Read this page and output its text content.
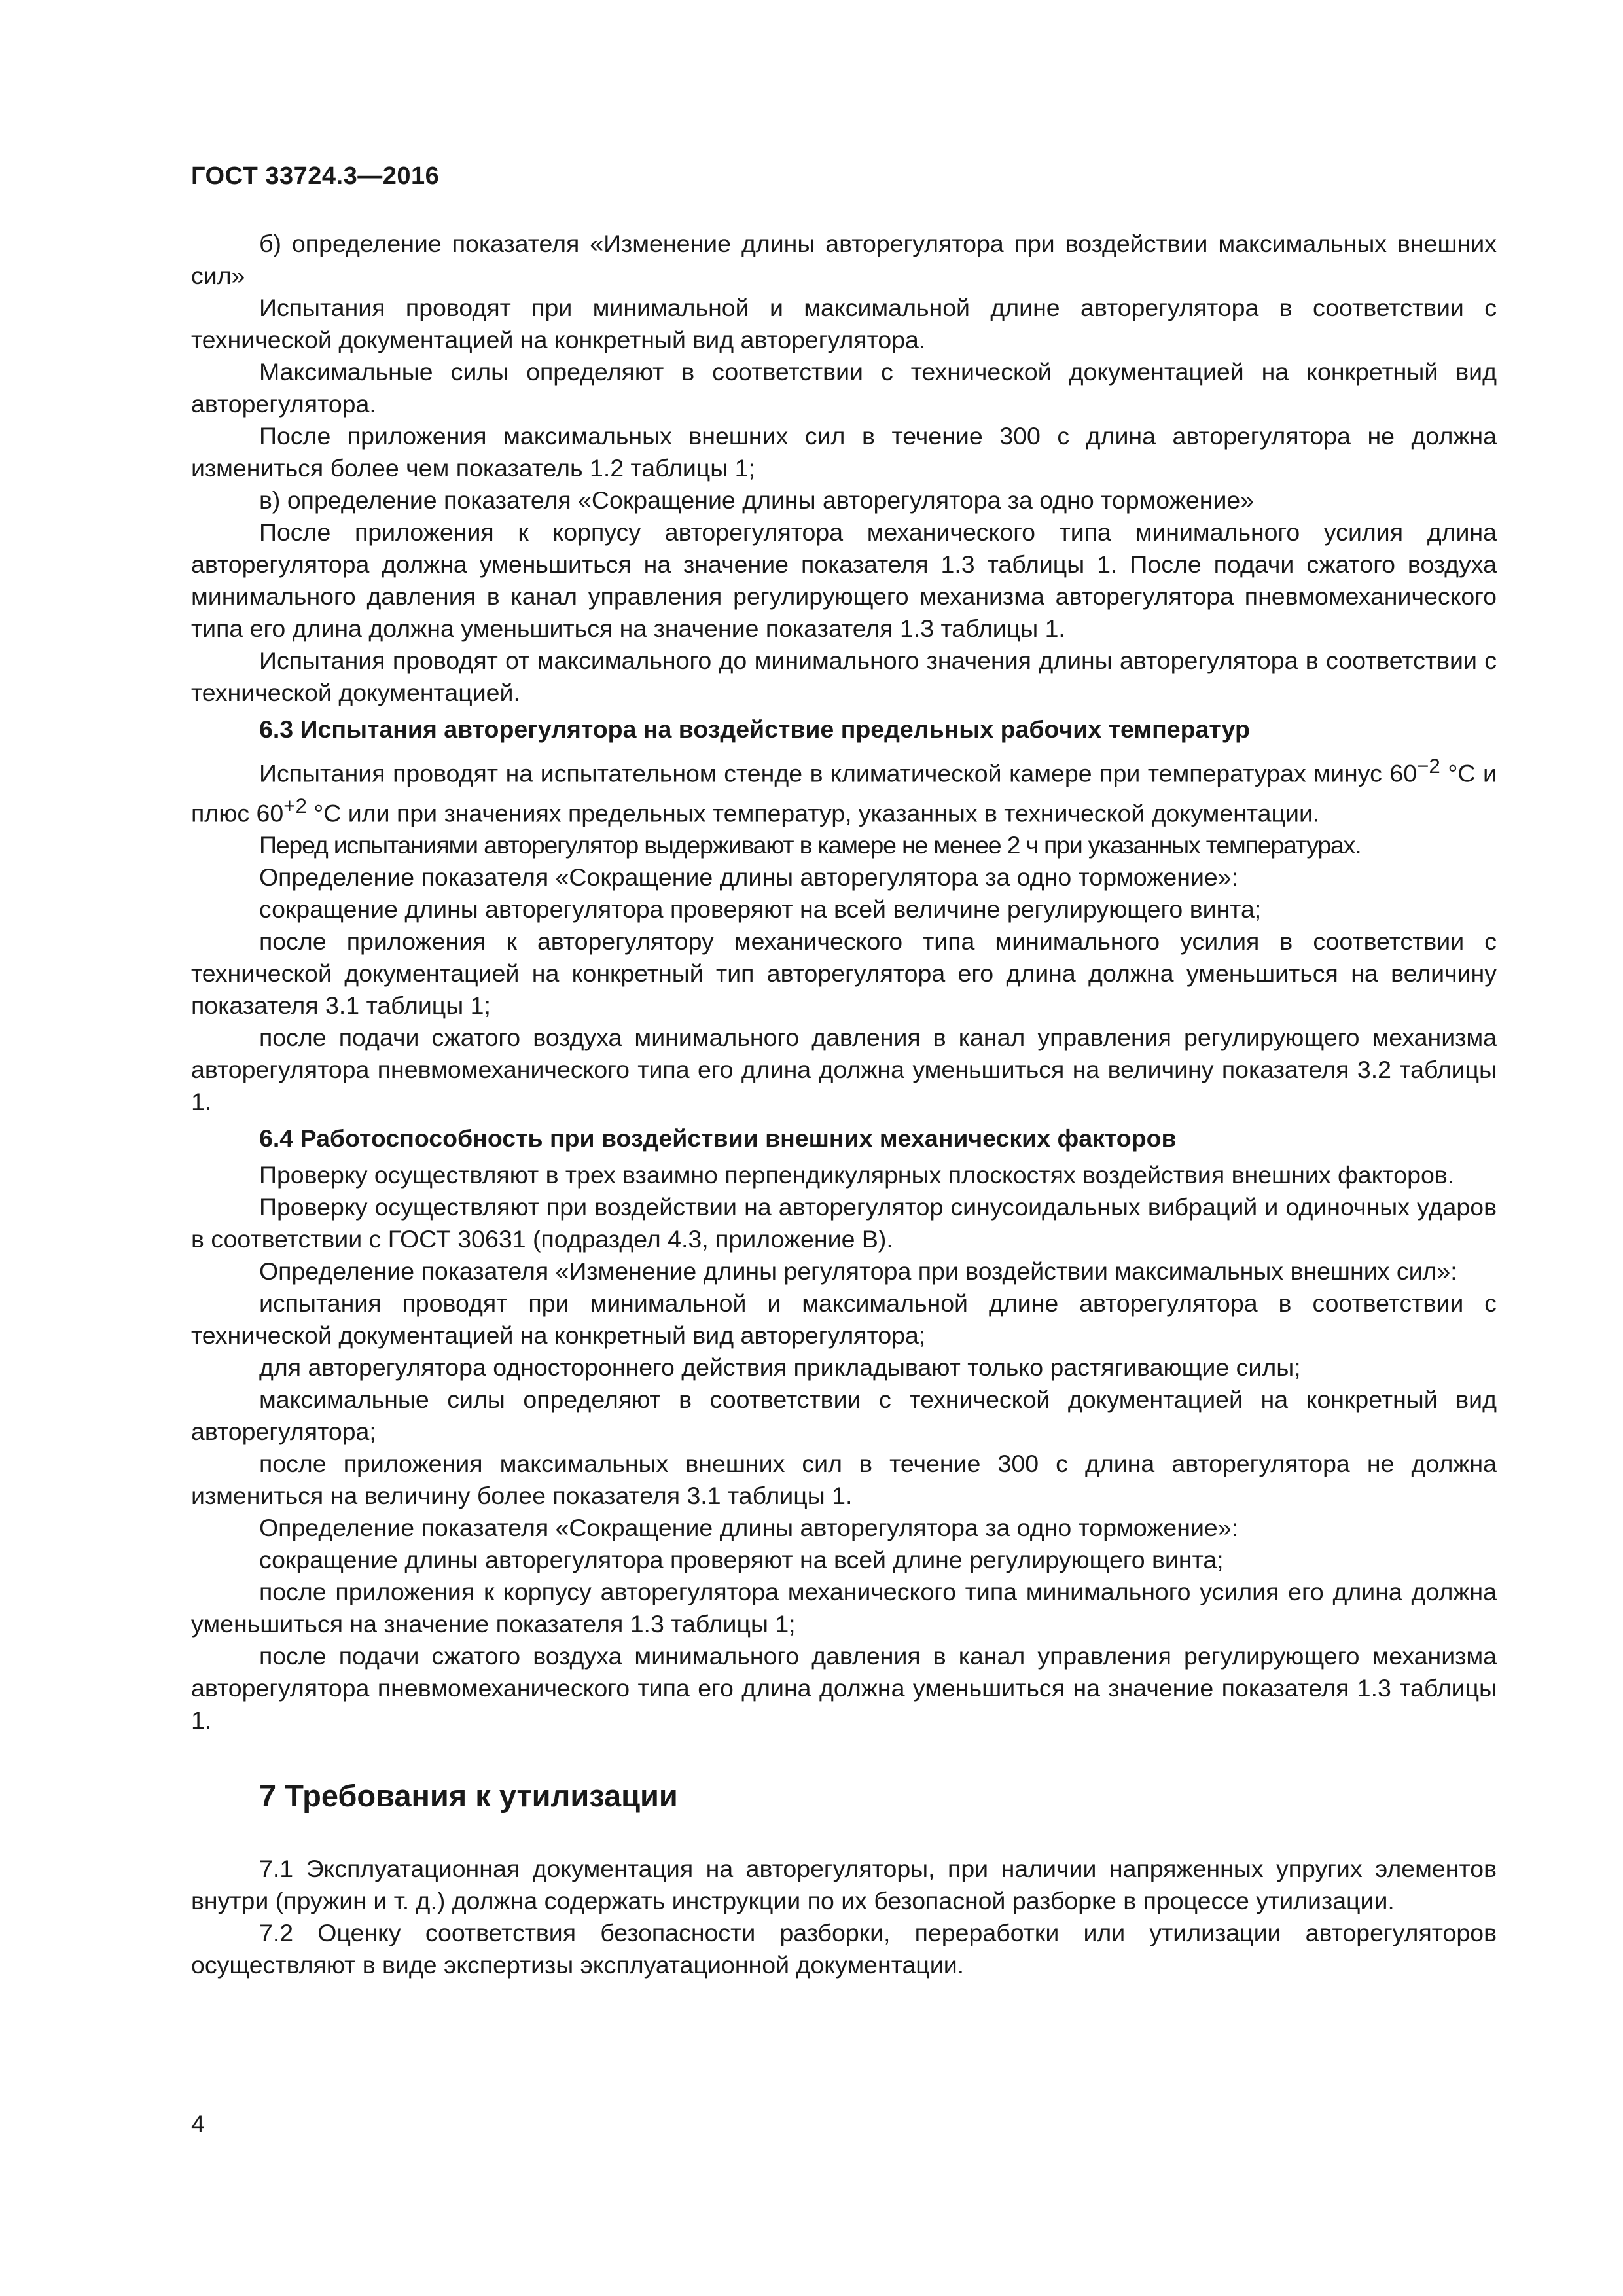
ГОСТ 33724.3—2016

б) определение показателя «Изменение длины авторегулятора при воздействии максимальных внешних сил»

Испытания проводят при минимальной и максимальной длине авторегулятора в соответствии с технической документацией на конкретный вид авторегулятора.

Максимальные силы определяют в соответствии с технической документацией на конкретный вид авторегулятора.

После приложения максимальных внешних сил в течение 300 с длина авторегулятора не должна измениться более чем показатель 1.2 таблицы 1;

в) определение показателя «Сокращение длины авторегулятора за одно торможение»

После приложения к корпусу авторегулятора механического типа минимального усилия длина авторегулятора должна уменьшиться на значение показателя 1.3 таблицы 1. После подачи сжатого воздуха минимального давления в канал управления регулирующего механизма авторегулятора пневмомеханического типа его длина должна уменьшиться на значение показателя 1.3 таблицы 1.

Испытания проводят от максимального до минимального значения длины авторегулятора в соответствии с технической документацией.

6.3 Испытания авторегулятора на воздействие предельных рабочих температур

Испытания проводят на испытательном стенде в климатической камере при температурах минус $60^{-2}$ °С и плюс $60^{+2}$ °С или при значениях предельных температур, указанных в технической документации.

Перед испытаниями авторегулятор выдерживают в камере не менее 2 ч при указанных температурах.

Определение показателя «Сокращение длины авторегулятора за одно торможение»:

сокращение длины авторегулятора проверяют на всей величине регулирующего винта;

после приложения к авторегулятору механического типа минимального усилия в соответствии с технической документацией на конкретный тип авторегулятора его длина должна уменьшиться на величину показателя 3.1 таблицы 1;

после подачи сжатого воздуха минимального давления в канал управления регулирующего механизма авторегулятора пневмомеханического типа его длина должна уменьшиться на величину показателя 3.2 таблицы 1.

6.4 Работоспособность при воздействии внешних механических факторов

Проверку осуществляют в трех взаимно перпендикулярных плоскостях воздействия внешних факторов.

Проверку осуществляют при воздействии на авторегулятор синусоидальных вибраций и одиночных ударов в соответствии с ГОСТ 30631 (подраздел 4.3, приложение В).

Определение показателя «Изменение длины регулятора при воздействии максимальных внешних сил»:

испытания проводят при минимальной и максимальной длине авторегулятора в соответствии с технической документацией на конкретный вид авторегулятора;

для авторегулятора одностороннего действия прикладывают только растягивающие силы;

максимальные силы определяют в соответствии с технической документацией на конкретный вид авторегулятора;

после приложения максимальных внешних сил в течение 300 с длина авторегулятора не должна измениться на величину более показателя 3.1 таблицы 1.

Определение показателя «Сокращение длины авторегулятора за одно торможение»:

сокращение длины авторегулятора проверяют на всей длине регулирующего винта;

после приложения к корпусу авторегулятора механического типа минимального усилия его длина должна уменьшиться на значение показателя 1.3 таблицы 1;

после подачи сжатого воздуха минимального давления в канал управления регулирующего механизма авторегулятора пневмомеханического типа его длина должна уменьшиться на значение показателя 1.3 таблицы 1.

7 Требования к утилизации

7.1 Эксплуатационная документация на авторегуляторы, при наличии напряженных упругих элементов внутри (пружин и т. д.) должна содержать инструкции по их безопасной разборке в процессе утилизации.

7.2 Оценку соответствия безопасности разборки, переработки или утилизации авторегуляторов осуществляют в виде экспертизы эксплуатационной документации.

4
